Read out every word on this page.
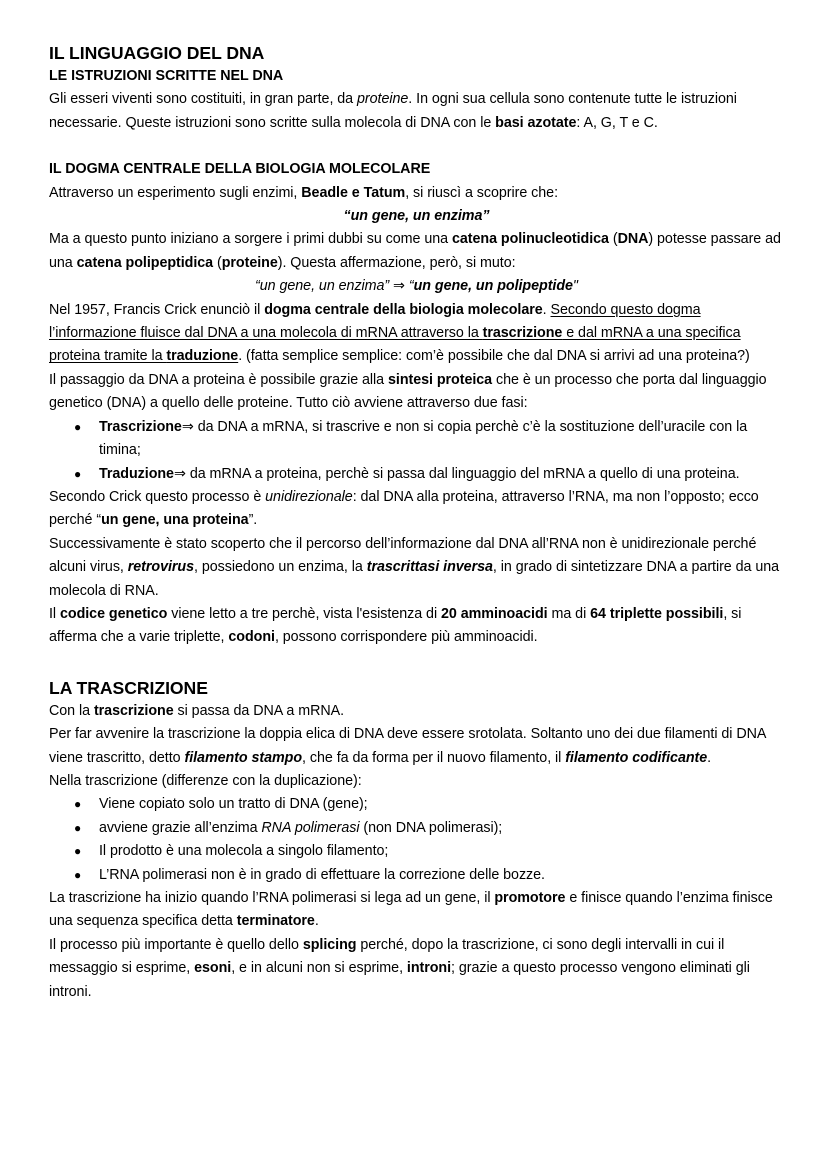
IL LINGUAGGIO DEL DNA
LE ISTRUZIONI SCRITTE NEL DNA

Gli esseri viventi sono costituiti, in gran parte, da proteine. In ogni sua cellula sono contenute tutte le istruzioni necessarie. Queste istruzioni sono scritte sulla molecola di DNA con le basi azotate: A, G, T e C.

IL DOGMA CENTRALE DELLA BIOLOGIA MOLECOLARE

Attraverso un esperimento sugli enzimi, Beadle e Tatum, si riuscì a scoprire che:

“un gene, un enzima”

Ma a questo punto iniziano a sorgere i primi dubbi su come una catena polinucleotidica (DNA) potesse passare ad una catena polipeptidica (proteine). Questa affermazione, però, si muto:

“un gene, un enzima” ⇒ “un gene, un polipeptide"

Nel 1957, Francis Crick enunciò il dogma centrale della biologia molecolare. Secondo questo dogma l’informazione fluisce dal DNA a una molecola di mRNA attraverso la trascrizione e dal mRNA a una specifica proteina tramite la traduzione. (fatta semplice semplice: com’è possibile che dal DNA si arrivi ad una proteina?)

Il passaggio da DNA a proteina è possibile grazie alla sintesi proteica che è un processo che porta dal linguaggio genetico (DNA) a quello delle proteine. Tutto ciò avviene attraverso due fasi:

● Trascrizione⇒ da DNA a mRNA, si trascrive e non si copia perchè c’è la sostituzione dell’uracile con la timina;
● Traduzione⇒ da mRNA a proteina, perchè si passa dal linguaggio del mRNA a quello di una proteina.

Secondo Crick questo processo è unidirezionale: dal DNA alla proteina, attraverso l’RNA, ma non l’opposto; ecco perché “un gene, una proteina”.

Successivamente è stato scoperto che il percorso dell’informazione dal DNA all’RNA non è unidirezionale perché alcuni virus, retrovirus, possiedono un enzima, la trascrittasi inversa, in grado di sintetizzare DNA a partire da una molecola di RNA.

Il codice genetico viene letto a tre perchè, vista l'esistenza di 20 amminoacidi ma di 64 triplette possibili, si afferma che a varie triplette, codoni, possono corrispondere più amminoacidi.

LA TRASCRIZIONE

Con la trascrizione si passa da DNA a mRNA.

Per far avvenire la trascrizione la doppia elica di DNA deve essere srotolata. Soltanto uno dei due filamenti di DNA viene trascritto, detto filamento stampo, che fa da forma per il nuovo filamento, il filamento codificante.

Nella trascrizione (differenze con la duplicazione):

● Viene copiato solo un tratto di DNA (gene);
● avviene grazie all’enzima RNA polimerasi (non DNA polimerasi);
● Il prodotto è una molecola a singolo filamento;
● L’RNA polimerasi non è in grado di effettuare la correzione delle bozze.

La trascrizione ha inizio quando l’RNA polimerasi si lega ad un gene, il promotore e finisce quando l’enzima finisce una sequenza specifica detta terminatore.

Il processo più importante è quello dello splicing perché, dopo la trascrizione, ci sono degli intervalli in cui il messaggio si esprime, esoni, e in alcuni non si esprime, introni; grazie a questo processo vengono eliminati gli introni.
